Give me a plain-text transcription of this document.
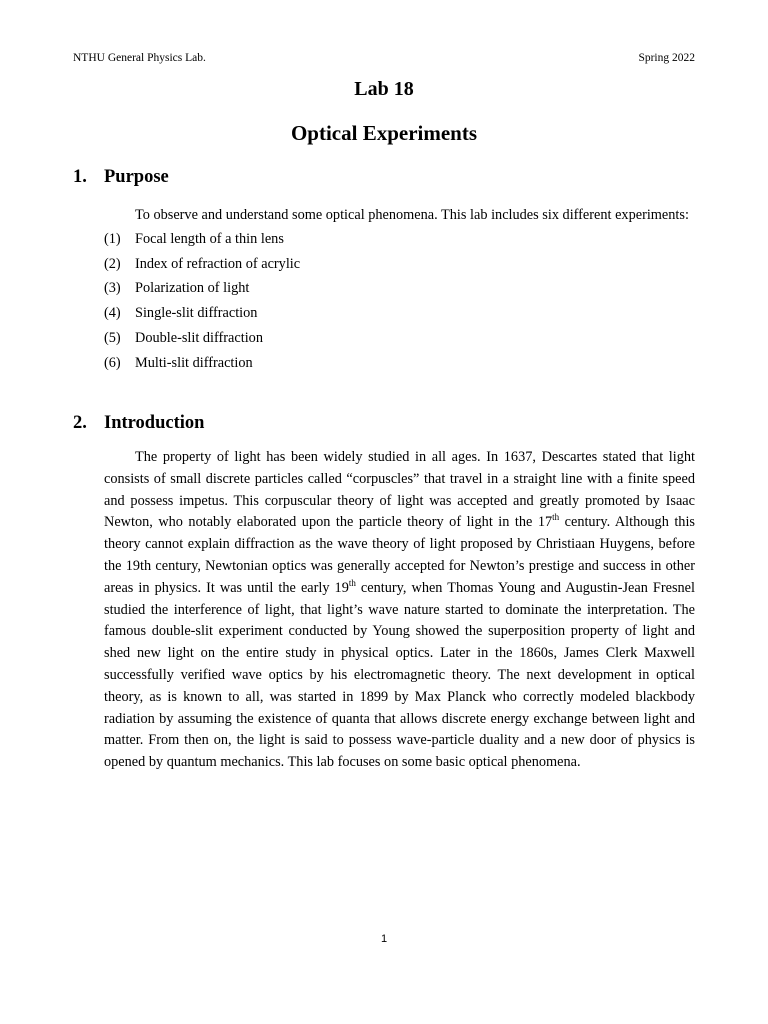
NTHU General Physics Lab.	Spring 2022
Lab 18
Optical Experiments
1. Purpose
To observe and understand some optical phenomena. This lab includes six different experiments:
(1)	Focal length of a thin lens
(2)	Index of refraction of acrylic
(3)	Polarization of light
(4)	Single-slit diffraction
(5)	Double-slit diffraction
(6)	Multi-slit diffraction
2. Introduction
The property of light has been widely studied in all ages. In 1637, Descartes stated that light consists of small discrete particles called “corpuscles” that travel in a straight line with a finite speed and possess impetus. This corpuscular theory of light was accepted and greatly promoted by Isaac Newton, who notably elaborated upon the particle theory of light in the 17th century. Although this theory cannot explain diffraction as the wave theory of light proposed by Christiaan Huygens, before the 19th century, Newtonian optics was generally accepted for Newton’s prestige and success in other areas in physics. It was until the early 19th century, when Thomas Young and Augustin-Jean Fresnel studied the interference of light, that light’s wave nature started to dominate the interpretation. The famous double-slit experiment conducted by Young showed the superposition property of light and shed new light on the entire study in physical optics. Later in the 1860s, James Clerk Maxwell successfully verified wave optics by his electromagnetic theory. The next development in optical theory, as is known to all, was started in 1899 by Max Planck who correctly modeled blackbody radiation by assuming the existence of quanta that allows discrete energy exchange between light and matter. From then on, the light is said to possess wave-particle duality and a new door of physics is opened by quantum mechanics. This lab focuses on some basic optical phenomena.
1
